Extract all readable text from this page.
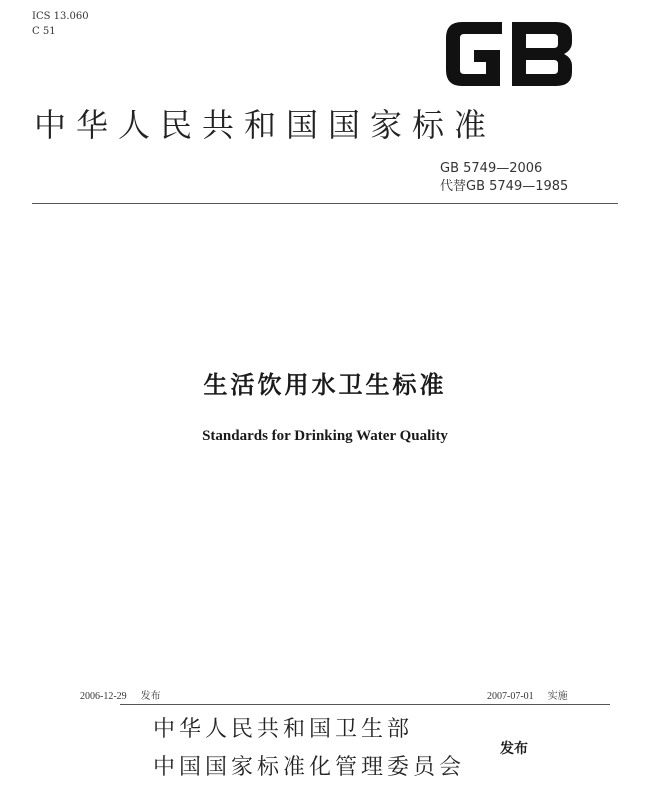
ICS 13.060
C 51
中华人民共和国国家标准
GB 5749—2006
代替GB 5749—1985
生活饮用水卫生标准
Standards for Drinking Water Quality
2006-12-29 发布	2007-07-01 实施
中华人民共和国卫生部
中国国家标准化管理委员会
发布
